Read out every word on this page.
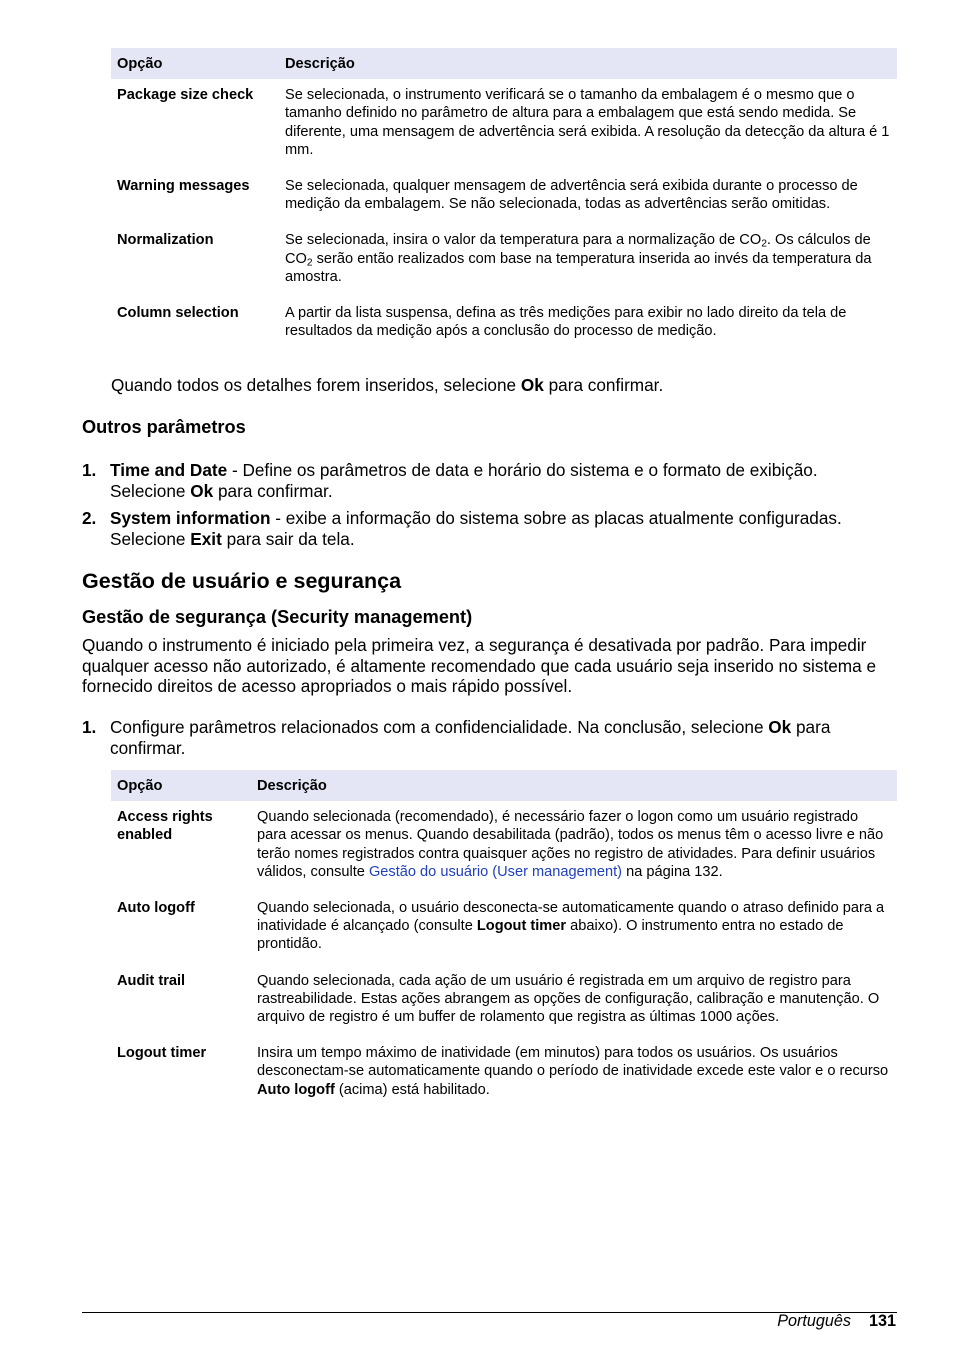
Opção	Descrição
Package size check	Se selecionada, o instrumento verificará se o tamanho da embalagem é o mesmo que o tamanho definido no parâmetro de altura para a embalagem que está sendo medida. Se diferente, uma mensagem de advertência será exibida. A resolução da detecção da altura é 1 mm.
Warning messages	Se selecionada, qualquer mensagem de advertência será exibida durante o processo de medição da embalagem. Se não selecionada, todas as advertências serão omitidas.
Normalization	Se selecionada, insira o valor da temperatura para a normalização de $CO_2$. Os cálculos de $CO_2$ serão então realizados com base na temperatura inserida ao invés da temperatura da amostra.
Column selection	A partir da lista suspensa, defina as três medições para exibir no lado direito da tela de resultados da medição após a conclusão do processo de medição.

Quando todos os detalhes forem inseridos, selecione Ok para confirmar.

Outros parâmetros
1. Time and Date - Define os parâmetros de data e horário do sistema e o formato de exibição. Selecione Ok para confirmar.
2. System information - exibe a informação do sistema sobre as placas atualmente configuradas. Selecione Exit para sair da tela.
Gestão de usuário e segurança
Gestão de segurança (Security management)

Quando o instrumento é iniciado pela primeira vez, a segurança é desativada por padrão. Para impedir qualquer acesso não autorizado, é altamente recomendado que cada usuário seja inserido no sistema e fornecido direitos de acesso apropriados o mais rápido possível.

1. Configure parâmetros relacionados com a confidencialidade. Na conclusão, selecione Ok para confirmar.
Opção	Descrição
Access rights enabled	Quando selecionada (recomendado), é necessário fazer o logon como um usuário registrado para acessar os menus. Quando desabilitada (padrão), todos os menus têm o acesso livre e não terão nomes registrados contra quaisquer ações no registro de atividades. Para definir usuários válidos, consulte Gestão do usuário (User management) na página 132.
Auto logoff	Quando selecionada, o usuário desconecta-se automaticamente quando o atraso definido para a inatividade é alcançado (consulte Logout timer abaixo). O instrumento entra no estado de prontidão.
Audit trail	Quando selecionada, cada ação de um usuário é registrada em um arquivo de registro para rastreabilidade. Estas ações abrangem as opções de configuração, calibração e manutenção. O arquivo de registro é um buffer de rolamento que registra as últimas 1000 ações.
Logout timer	Insira um tempo máximo de inatividade (em minutos) para todos os usuários. Os usuários desconectam-se automaticamente quando o período de inatividade excede este valor e o recurso Auto logoff (acima) está habilitado.
Português 131
